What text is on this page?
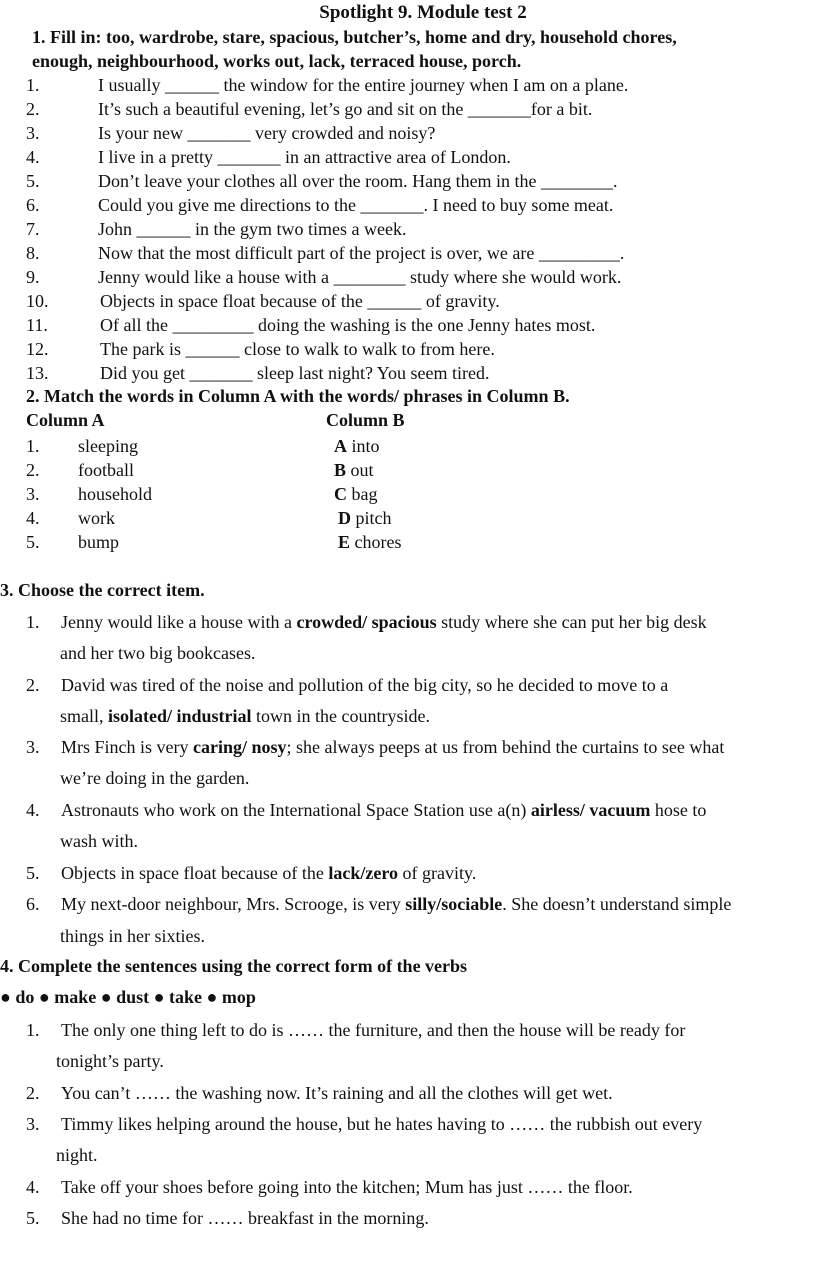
Spotlight 9. Module test 2
1. Fill in: too, wardrobe, stare, spacious, butcher’s, home and dry, household chores,
enough, neighbourhood, works out, lack, terraced house, porch.
1.	I usually ______ the window for the entire journey when I am on a plane.
2.	It’s such a beautiful evening, let’s go and sit on the _______for a bit.
3.	Is your new _______ very crowded and noisy?
4.	I live in a pretty _______ in an attractive area of London.
5.	Don’t leave your clothes all over the room. Hang them in the ________.
6.	Could you give me directions to the _______. I need to buy some meat.
7.	John ______ in the gym two times a week.
8.	Now that the most difficult part of the project is over, we are _________.
9.	Jenny would like a house with a ________ study where she would work.
10.	Objects in space float because of the ______ of gravity.
11.	Of all the _________ doing the washing is the one Jenny hates most.
12.	The park is ______ close to walk to walk to from here.
13.	Did you get _______ sleep last night? You seem tired.
2. Match the words in Column A with the words/ phrases in Column B.
Column A	Column B
1. sleeping	A into
2. football	B out
3. household	C bag
4. work	D pitch
5. bump	E chores
3. Choose the correct item.
1. Jenny would like a house with a crowded/ spacious study where she can put her big desk
and her two big bookcases.
2. David was tired of the noise and pollution of the big city, so he decided to move to a
small, isolated/ industrial town in the countryside.
3. Mrs Finch is very caring/ nosy; she always peeps at us from behind the curtains to see what
we’re doing in the garden.
4. Astronauts who work on the International Space Station use a(n) airless/ vacuum hose to
wash with.
5. Objects in space float because of the lack/zero of gravity.
6. My next-door neighbour, Mrs. Scrooge, is very silly/sociable. She doesn’t understand simple
things in her sixties.
4. Complete the sentences using the correct form of the verbs
● do ● make ● dust ● take ● mop
1. The only one thing left to do is …… the furniture, and then the house will be ready for
tonight’s party.
2. You can’t …… the washing now. It’s raining and all the clothes will get wet.
3. Timmy likes helping around the house, but he hates having to …… the rubbish out every
night.
4. Take off your shoes before going into the kitchen; Mum has just …… the floor.
5. She had no time for …… breakfast in the morning.
